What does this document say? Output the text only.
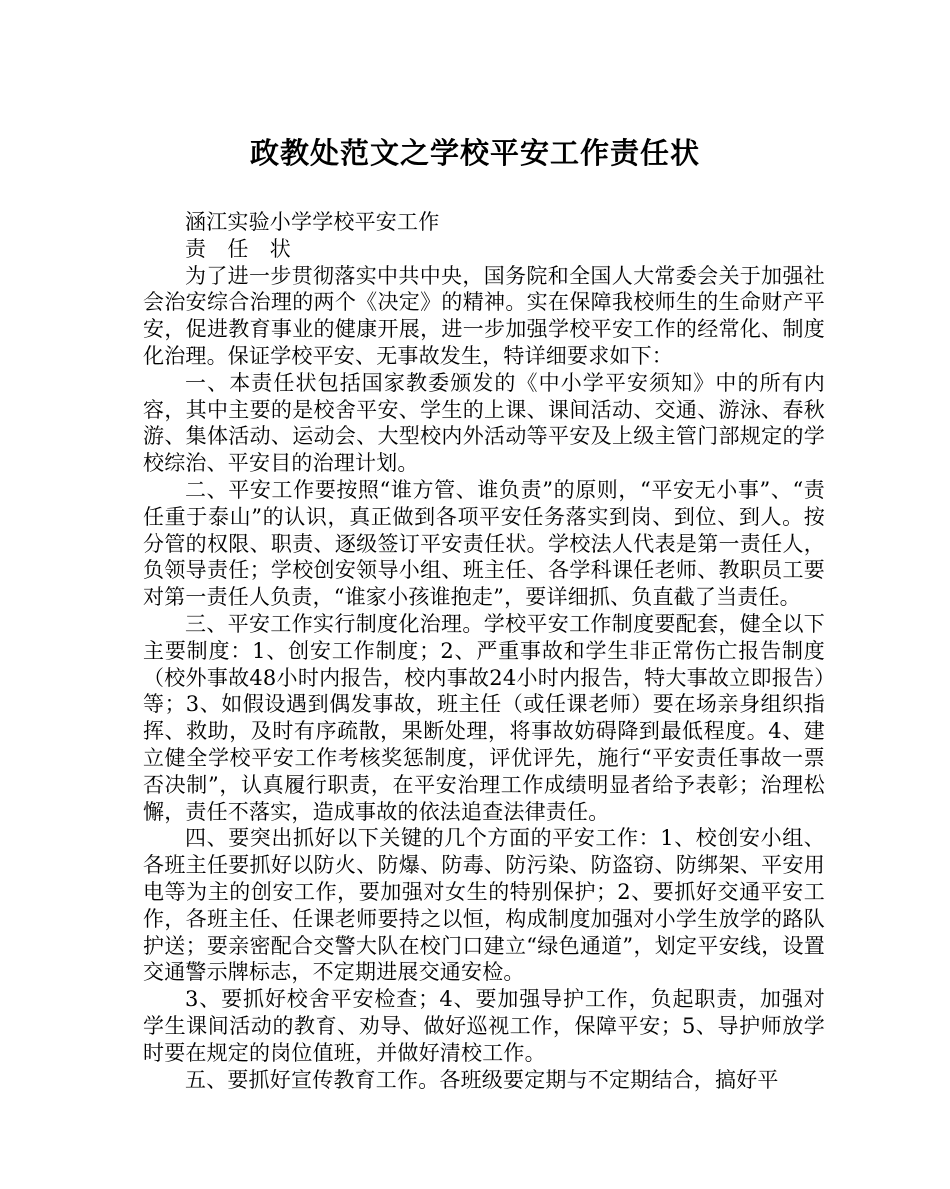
政教处范文之学校平安工作责任状

涵江实验小学学校平安工作

责　任　状

为了进一步贯彻落实中共中央，国务院和全国人大常委会关于加强社会治安综合治理的两个《决定》的精神。实在保障我校师生的生命财产平安，促进教育事业的健康开展，进一步加强学校平安工作的经常化、制度化治理。保证学校平安、无事故发生，特详细要求如下：

一、本责任状包括国家教委颁发的《中小学平安须知》中的所有内容，其中主要的是校舍平安、学生的上课、课间活动、交通、游泳、春秋游、集体活动、运动会、大型校内外活动等平安及上级主管门部规定的学校综治、平安目的治理计划。

二、平安工作要按照“谁方管、谁负责”的原则，“平安无小事”、“责任重于泰山”的认识，真正做到各项平安任务落实到岗、到位、到人。按分管的权限、职责、逐级签订平安责任状。学校法人代表是第一责任人，负领导责任；学校创安领导小组、班主任、各学科课任老师、教职员工要对第一责任人负责，“谁家小孩谁抱走”，要详细抓、负直截了当责任。

三、平安工作实行制度化治理。学校平安工作制度要配套，健全以下主要制度：1、创安工作制度；2、严重事故和学生非正常伤亡报告制度（校外事故48小时内报告，校内事故24小时内报告，特大事故立即报告）等；3、如假设遇到偶发事故，班主任（或任课老师）要在场亲身组织指挥、救助，及时有序疏散，果断处理，将事故妨碍降到最低程度。4、建立健全学校平安工作考核奖惩制度，评优评先，施行“平安责任事故一票否决制”，认真履行职责，在平安治理工作成绩明显者给予表彰；治理松懈，责任不落实，造成事故的依法追查法律责任。

四、要突出抓好以下关键的几个方面的平安工作：1、校创安小组、各班主任要抓好以防火、防爆、防毒、防污染、防盗窃、防绑架、平安用电等为主的创安工作，要加强对女生的特别保护；2、要抓好交通平安工作，各班主任、任课老师要持之以恒，构成制度加强对小学生放学的路队护送；要亲密配合交警大队在校门口建立“绿色通道”，划定平安线，设置交通警示牌标志，不定期进展交通安检。

3、要抓好校舍平安检查；4、要加强导护工作，负起职责，加强对学生课间活动的教育、劝导、做好巡视工作，保障平安；5、导护师放学时要在规定的岗位值班，并做好清校工作。

五、要抓好宣传教育工作。各班级要定期与不定期结合，搞好平
